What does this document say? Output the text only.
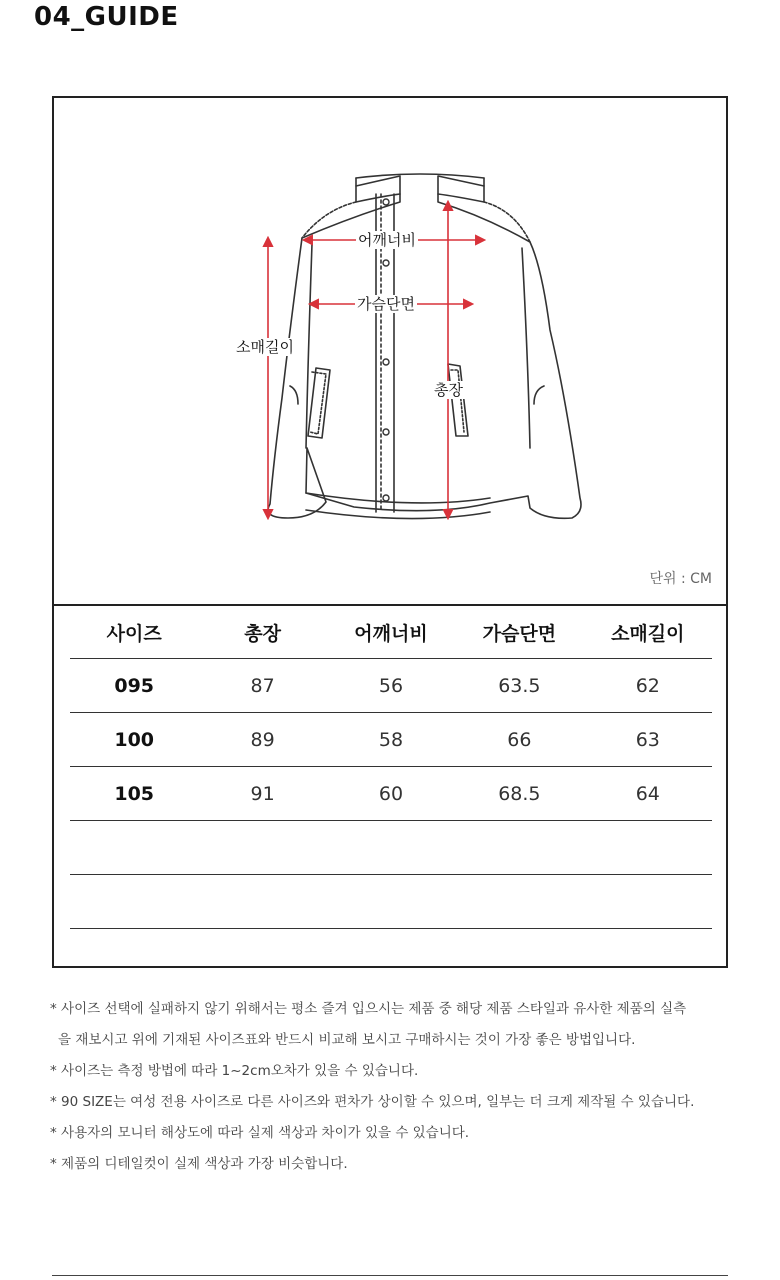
04_GUIDE
어깨너비
가슴단면
소매길이
총장
단위 : CM
사이즈	총장	어깨너비	가슴단면	소매길이
095	87	56	63.5	62
100	89	58	66	63
105	91	60	68.5	64

* 사이즈 선택에 실패하지 않기 위해서는 평소 즐겨 입으시는 제품 중 해당 제품 스타일과 유사한 제품의 실측
을 재보시고 위에 기재된 사이즈표와 반드시 비교해 보시고 구매하시는 것이 가장 좋은 방법입니다.
* 사이즈는 측정 방법에 따라 1~2cm오차가 있을 수 있습니다.
* 90 SIZE는 여성 전용 사이즈로 다른 사이즈와 편차가 상이할 수 있으며, 일부는 더 크게 제작될 수 있습니다.
* 사용자의 모니터 해상도에 따라 실제 색상과 차이가 있을 수 있습니다.
* 제품의 디테일컷이 실제 색상과 가장 비슷합니다.
